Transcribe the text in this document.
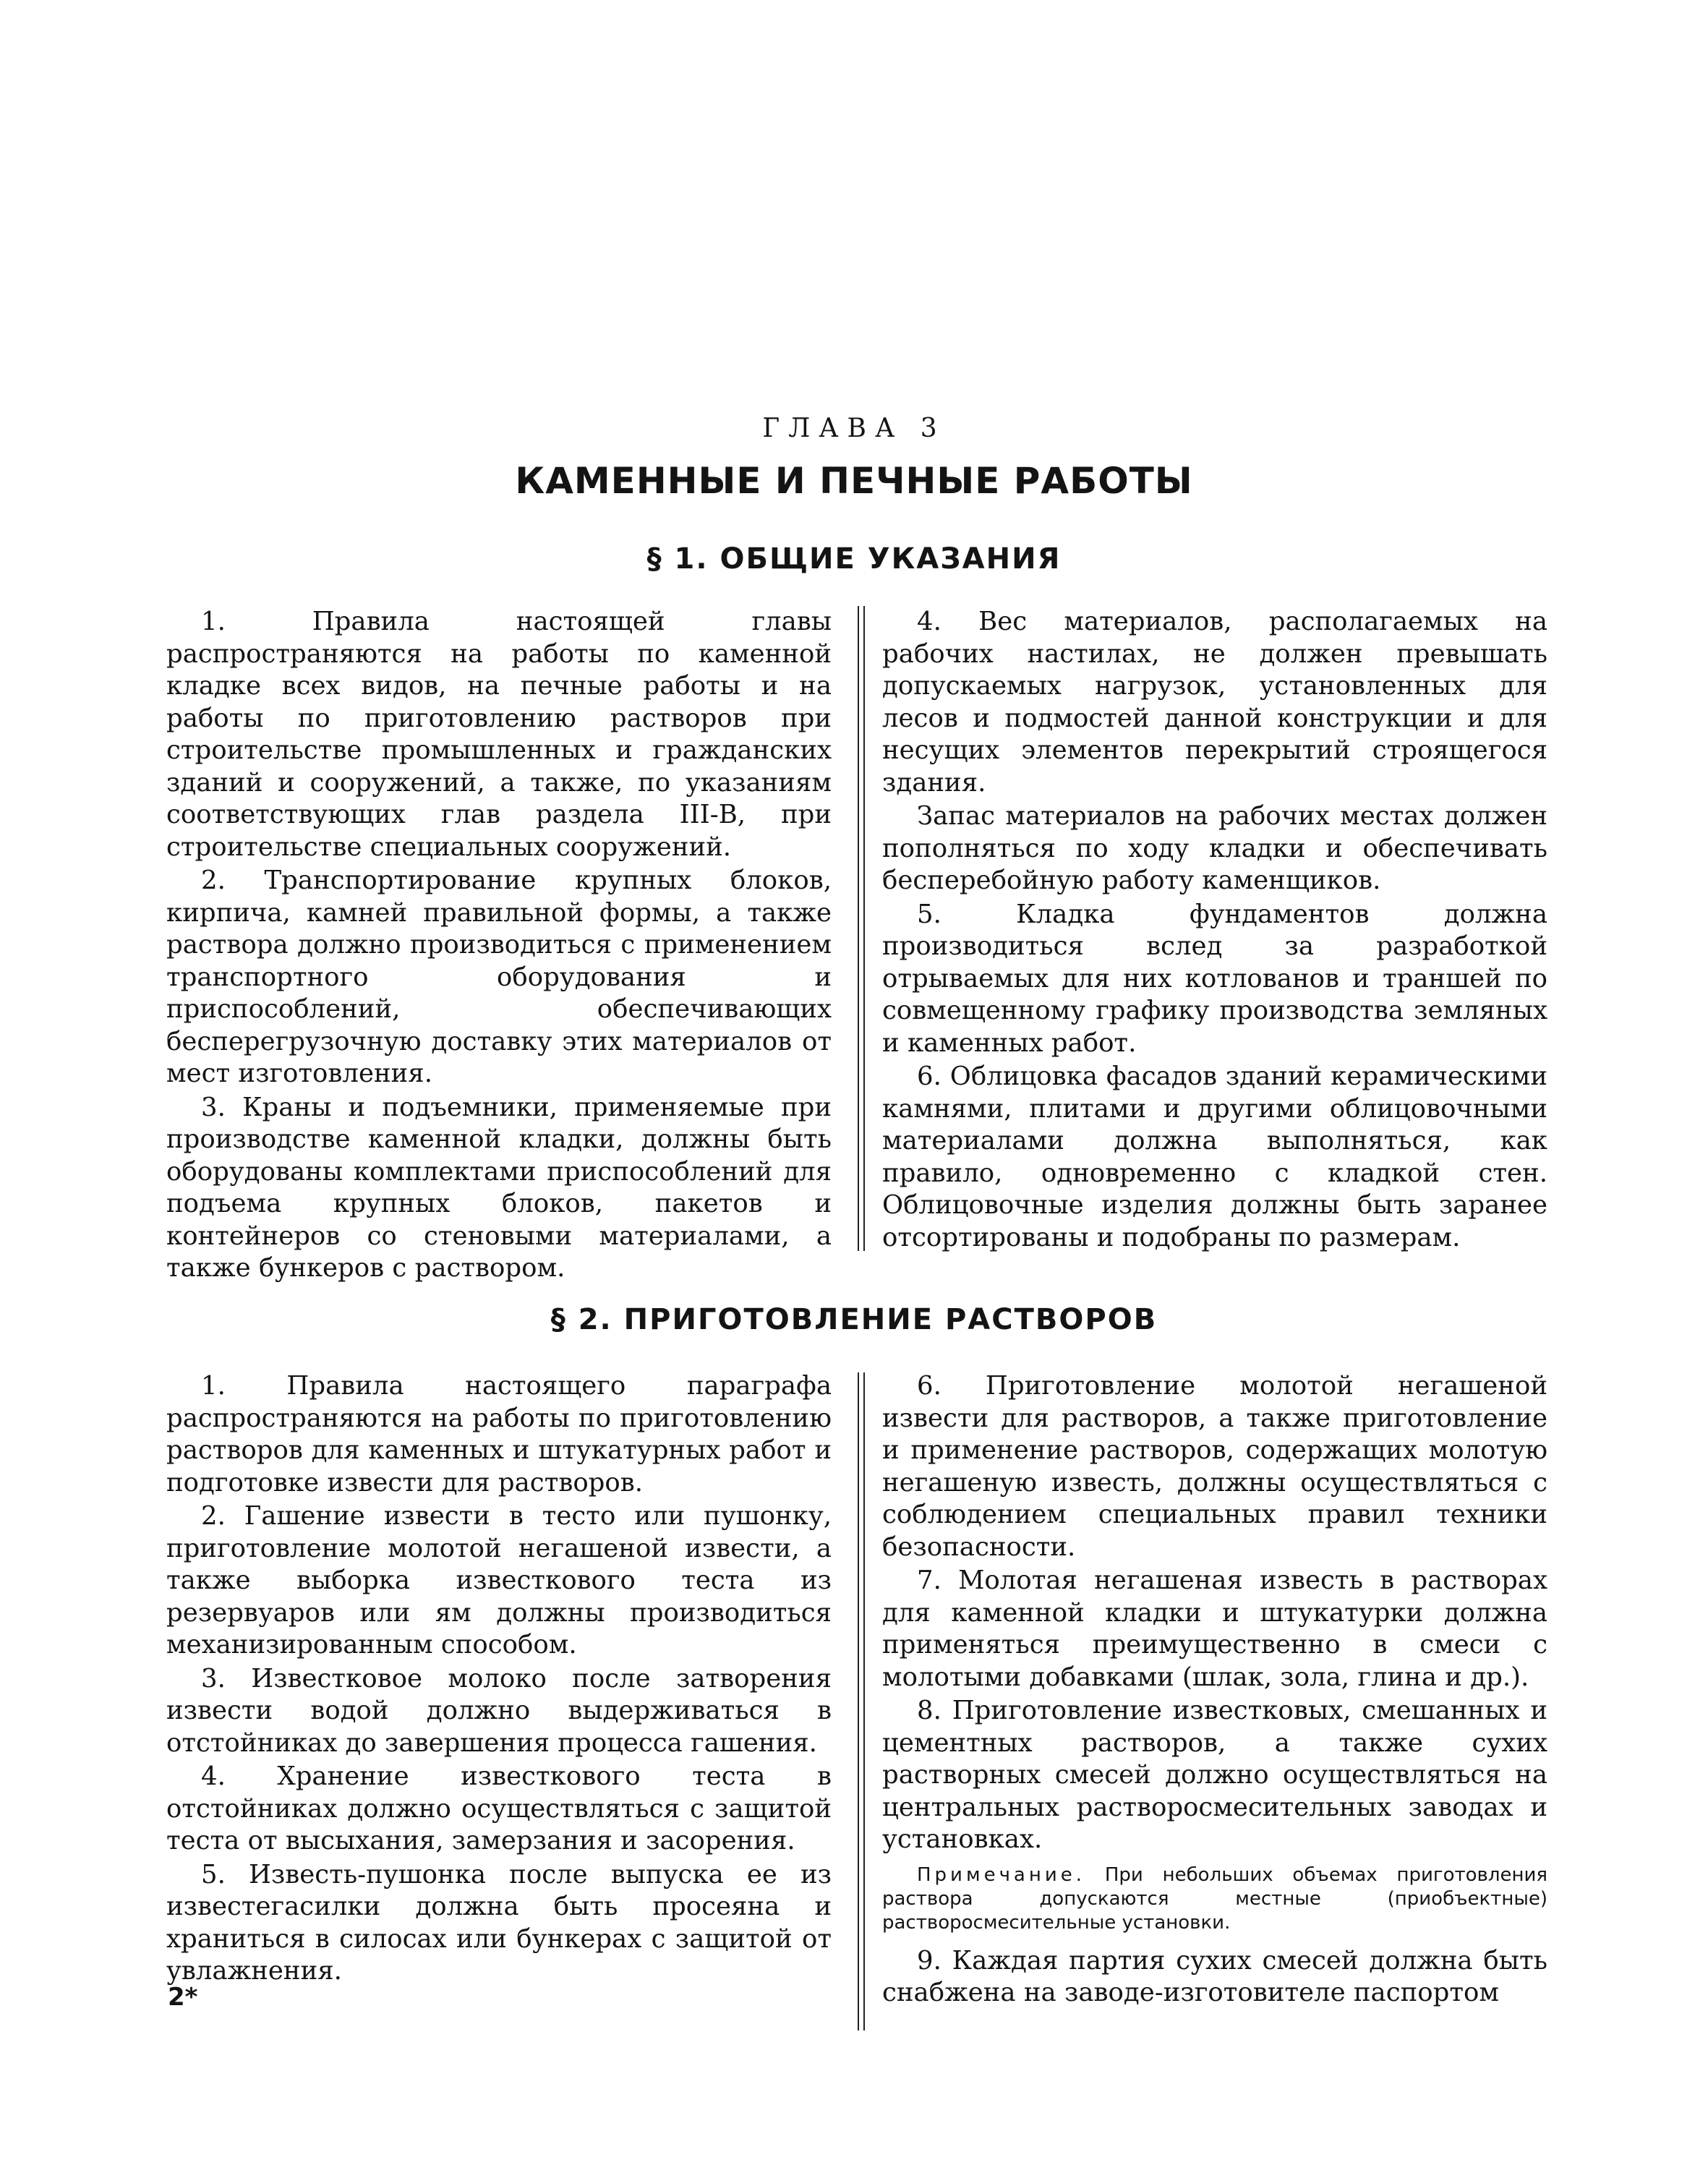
ГЛАВА 3
КАМЕННЫЕ И ПЕЧНЫЕ РАБОТЫ
§ 1. ОБЩИЕ УКАЗАНИЯ

1. Правила настоящей главы распространяются на работы по каменной кладке всех видов, на печные работы и на работы по приготовлению растворов при строительстве промышленных и гражданских зданий и сооружений, а также, по указаниям соответствующих глав раздела III-В, при строительстве специальных сооружений.

2. Транспортирование крупных блоков, кирпича, камней правильной формы, а также раствора должно производиться с применением транспортного оборудования и приспособлений, обеспечивающих бесперегрузочную доставку этих материалов от мест изготовления.

3. Краны и подъемники, применяемые при производстве каменной кладки, должны быть оборудованы комплектами приспособлений для подъема крупных блоков, пакетов и контейнеров со стеновыми материалами, а также бункеров с раствором.

4. Вес материалов, располагаемых на рабочих настилах, не должен превышать допускаемых нагрузок, установленных для лесов и подмостей данной конструкции и для несущих элементов перекрытий строящегося здания.

Запас материалов на рабочих местах должен пополняться по ходу кладки и обеспечивать бесперебойную работу каменщиков.

5. Кладка фундаментов должна производиться вслед за разработкой отрываемых для них котлованов и траншей по совмещенному графику производства земляных и каменных работ.

6. Облицовка фасадов зданий керамическими камнями, плитами и другими облицовочными материалами должна выполняться, как правило, одновременно с кладкой стен. Облицовочные изделия должны быть заранее отсортированы и подобраны по размерам.

§ 2. ПРИГОТОВЛЕНИЕ РАСТВОРОВ

1. Правила настоящего параграфа распространяются на работы по приготовлению растворов для каменных и штукатурных работ и подготовке извести для растворов.

2. Гашение извести в тесто или пушонку, приготовление молотой негашеной извести, а также выборка известкового теста из резервуаров или ям должны производиться механизированным способом.

3. Известковое молоко после затворения извести водой должно выдерживаться в отстойниках до завершения процесса гашения.

4. Хранение известкового теста в отстойниках должно осуществляться с защитой теста от высыхания, замерзания и засорения.

5. Известь-пушонка после выпуска ее из известегасилки должна быть просеяна и храниться в силосах или бункерах с защитой от увлажнения.

6. Приготовление молотой негашеной извести для растворов, а также приготовление и применение растворов, содержащих молотую негашеную известь, должны осуществляться с соблюдением специальных правил техники безопасности.

7. Молотая негашеная известь в растворах для каменной кладки и штукатурки должна применяться преимущественно в смеси с молотыми добавками (шлак, зола, глина и др.).

8. Приготовление известковых, смешанных и цементных растворов, а также сухих растворных смесей должно осуществляться на центральных растворосмесительных заводах и установках.

Примечание. При небольших объемах приготовления раствора допускаются местные (приобъектные) растворосмесительные установки.

9. Каждая партия сухих смесей должна быть снабжена на заводе-изготовителе паспортом

2*
